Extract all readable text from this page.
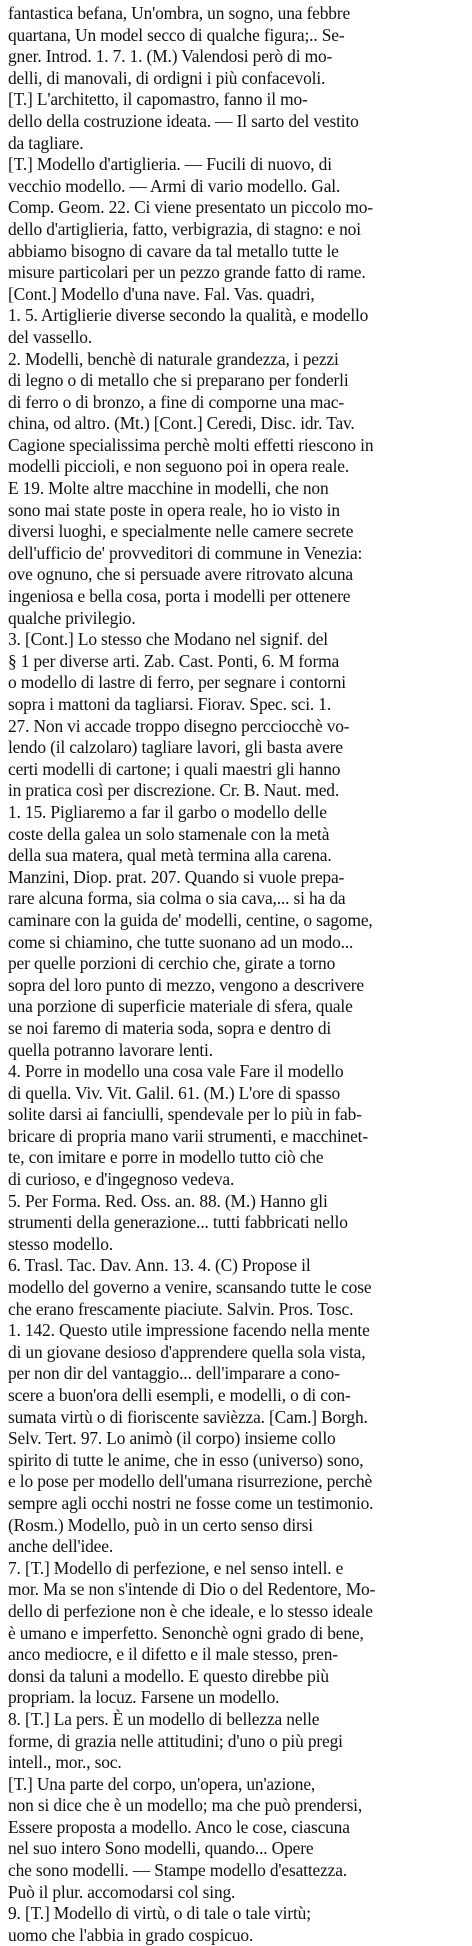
fantastica befana, Un'ombra, un sogno, una febbre
quartana, Un model secco di qualche figura;.. Se-
gner. Introd. 1. 7. 1. (M.) Valendosi però di mo-
delli, di manovali, di ordigni i più confacevoli.
[T.] L'architetto, il capomastro, fanno il mo-
dello della costruzione ideata. — Il sarto del vestito
da tagliare.
[T.] Modello d'artiglieria. — Fucili di nuovo, di
vecchio modello. — Armi di vario modello. Gal.
Comp. Geom. 22. Ci viene presentato un piccolo mo-
dello d'artiglieria, fatto, verbigrazia, di stagno: e noi
abbiamo bisogno di cavare da tal metallo tutte le
misure particolari per un pezzo grande fatto di rame.
[Cont.] Modello d'una nave. Fal. Vas. quadri,
1. 5. Artiglierie diverse secondo la qualità, e modello
del vassello.
2. Modelli, benchè di naturale grandezza, i pezzi
di legno o di metallo che si preparano per fonderli
di ferro o di bronzo, a fine di comporne una mac-
china, od altro. (Mt.) [Cont.] Ceredi, Disc. idr. Tav.
Cagione specialissima perchè molti effetti riescono in
modelli piccioli, e non seguono poi in opera reale.
E 19. Molte altre macchine in modelli, che non
sono mai state poste in opera reale, ho io visto in
diversi luoghi, e specialmente nelle camere secrete
dell'ufficio de' provveditori di commune in Venezia:
ove ognuno, che si persuade avere ritrovato alcuna
ingeniosa e bella cosa, porta i modelli per ottenere
qualche privilegio.
3. [Cont.] Lo stesso che Modano nel signif. del
§ 1 per diverse arti. Zab. Cast. Ponti, 6. M forma
o modello di lastre di ferro, per segnare i contorni
sopra i mattoni da tagliarsi. Fiorav. Spec. sci. 1.
27. Non vi accade troppo disegno percciocchè vo-
lendo (il calzolaro) tagliare lavori, gli basta avere
certi modelli di cartone; i quali maestri gli hanno
in pratica così per discrezione. Cr. B. Naut. med.
1. 15. Pigliaremo a far il garbo o modello delle
coste della galea un solo stamenale con la metà
della sua matera, qual metà termina alla carena.
Manzini, Diop. prat. 207. Quando si vuole prepa-
rare alcuna forma, sia colma o sia cava,... si ha da
caminare con la guida de' modelli, centine, o sagome,
come si chiamino, che tutte suonano ad un modo...
per quelle porzioni di cerchio che, girate a torno
sopra del loro punto di mezzo, vengono a descrivere
una porzione di superficie materiale di sfera, quale
se noi faremo di materia soda, sopra e dentro di
quella potranno lavorare lenti.
4. Porre in modello una cosa vale Fare il modello
di quella. Viv. Vit. Galil. 61. (M.) L'ore di spasso
solite darsi ai fanciulli, spendevale per lo più in fab-
bricare di propria mano varii strumenti, e macchinet-
te, con imitare e porre in modello tutto ciò che
di curioso, e d'ingegnoso vedeva.
5. Per Forma. Red. Oss. an. 88. (M.) Hanno gli
strumenti della generazione... tutti fabbricati nello
stesso modello.
6. Trasl. Tac. Dav. Ann. 13. 4. (C) Propose il
modello del governo a venire, scansando tutte le cose
che erano frescamente piaciute. Salvin. Pros. Tosc.
1. 142. Questo utile impressione facendo nella mente
di un giovane desioso d'apprendere quella sola vista,
per non dir del vantaggio... dell'imparare a cono-
scere a buon'ora delli esempli, e modelli, o di con-
sumata virtù o di fioriscente savièzza. [Cam.] Borgh.
Selv. Tert. 97. Lo animò (il corpo) insieme collo
spirito di tutte le anime, che in esso (universo) sono,
e lo pose per modello dell'umana risurrezione, perchè
sempre agli occhi nostri ne fosse come un testimonio.
(Rosm.) Modello, può in un certo senso dirsi
anche dell'idee.
7. [T.] Modello di perfezione, e nel senso intell. e
mor. Ma se non s'intende di Dio o del Redentore, Mo-
dello di perfezione non è che ideale, e lo stesso ideale
è umano e imperfetto. Senonchè ogni grado di bene,
anco mediocre, e il difetto e il male stesso, pren-
donsi da taluni a modello. E questo direbbe più
propriam. la locuz. Farsene un modello.
8. [T.] La pers. È un modello di bellezza nelle
forme, di grazia nelle attitudini; d'uno o più pregi
intell., mor., soc.
[T.] Una parte del corpo, un'opera, un'azione,
non si dice che è un modello; ma che può prendersi,
Essere proposta a modello. Anco le cose, ciascuna
nel suo intero Sono modelli, quando... Opere
che sono modelli. — Stampe modello d'esattezza.
Può il plur. accomodarsi col sing.
9. [T.] Modello di virtù, o di tale o tale virtù;
uomo che l'abbia in grado cospicuo.
